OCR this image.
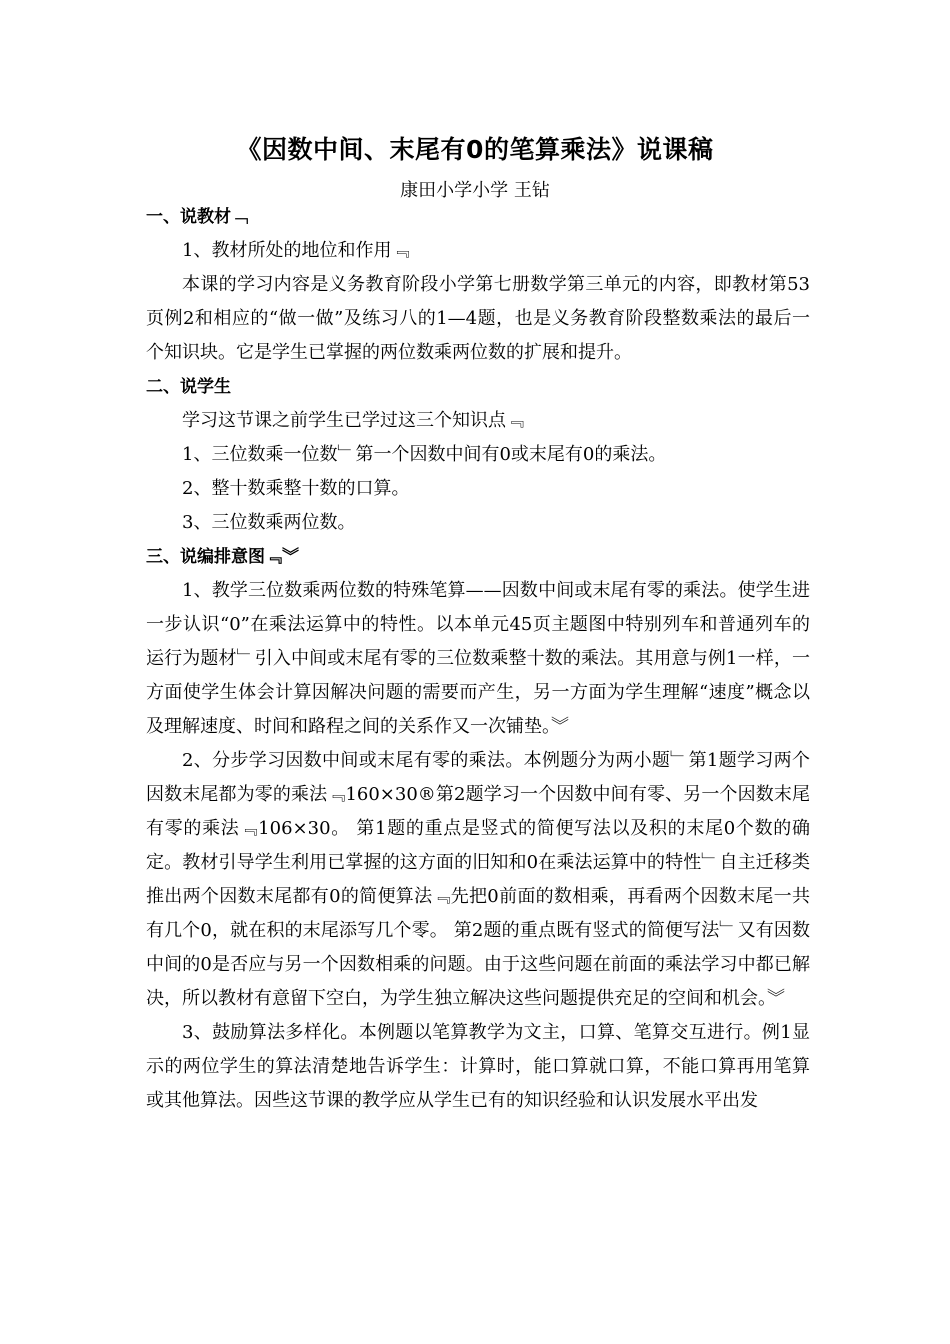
《因数中间、末尾有0的笔算乘法》说课稿
康田小学小学 王钻

一、说教材﹁

1、教材所处的地位和作用﹃

本课的学习内容是义务教育阶段小学第七册数学第三单元的内容，即教材第53页例2和相应的“做一做”及练习八的1—4题，也是义务教育阶段整数乘法的最后一个知识块。它是学生已掌握的两位数乘两位数的扩展和提升。

二、说学生

学习这节课之前学生已学过这三个知识点﹃

1、三位数乘一位数﹂第一个因数中间有0或末尾有0的乘法。

2、整十数乘整十数的口算。

3、三位数乘两位数。

三、说编排意图﹃︾

1、教学三位数乘两位数的特殊笔算——因数中间或末尾有零的乘法。使学生进一步认识“0”在乘法运算中的特性。以本单元45页主题图中特别列车和普通列车的运行为题材﹂引入中间或末尾有零的三位数乘整十数的乘法。其用意与例1一样，一方面使学生体会计算因解决问题的需要而产生，另一方面为学生理解“速度”概念以及理解速度、时间和路程之间的关系作又一次铺垫。︾

2、分步学习因数中间或末尾有零的乘法。本例题分为两小题﹂第1题学习两个因数末尾都为零的乘法﹃160×30®第2题学习一个因数中间有零、另一个因数末尾有零的乘法﹃106×30。 第1题的重点是竖式的简便写法以及积的末尾0个数的确定。教材引导学生利用已掌握的这方面的旧知和0在乘法运算中的特性﹂自主迁移类推出两个因数末尾都有0的简便算法﹃先把0前面的数相乘，再看两个因数末尾一共有几个0，就在积的末尾添写几个零。 第2题的重点既有竖式的简便写法﹂又有因数中间的0是否应与另一个因数相乘的问题。由于这些问题在前面的乘法学习中都已解决，所以教材有意留下空白，为学生独立解决这些问题提供充足的空间和机会。︾

3、鼓励算法多样化。本例题以笔算教学为文主，口算、笔算交互进行。例1显示的两位学生的算法清楚地告诉学生：计算时，能口算就口算，不能口算再用笔算或其他算法。因些这节课的教学应从学生已有的知识经验和认识发展水平出发
